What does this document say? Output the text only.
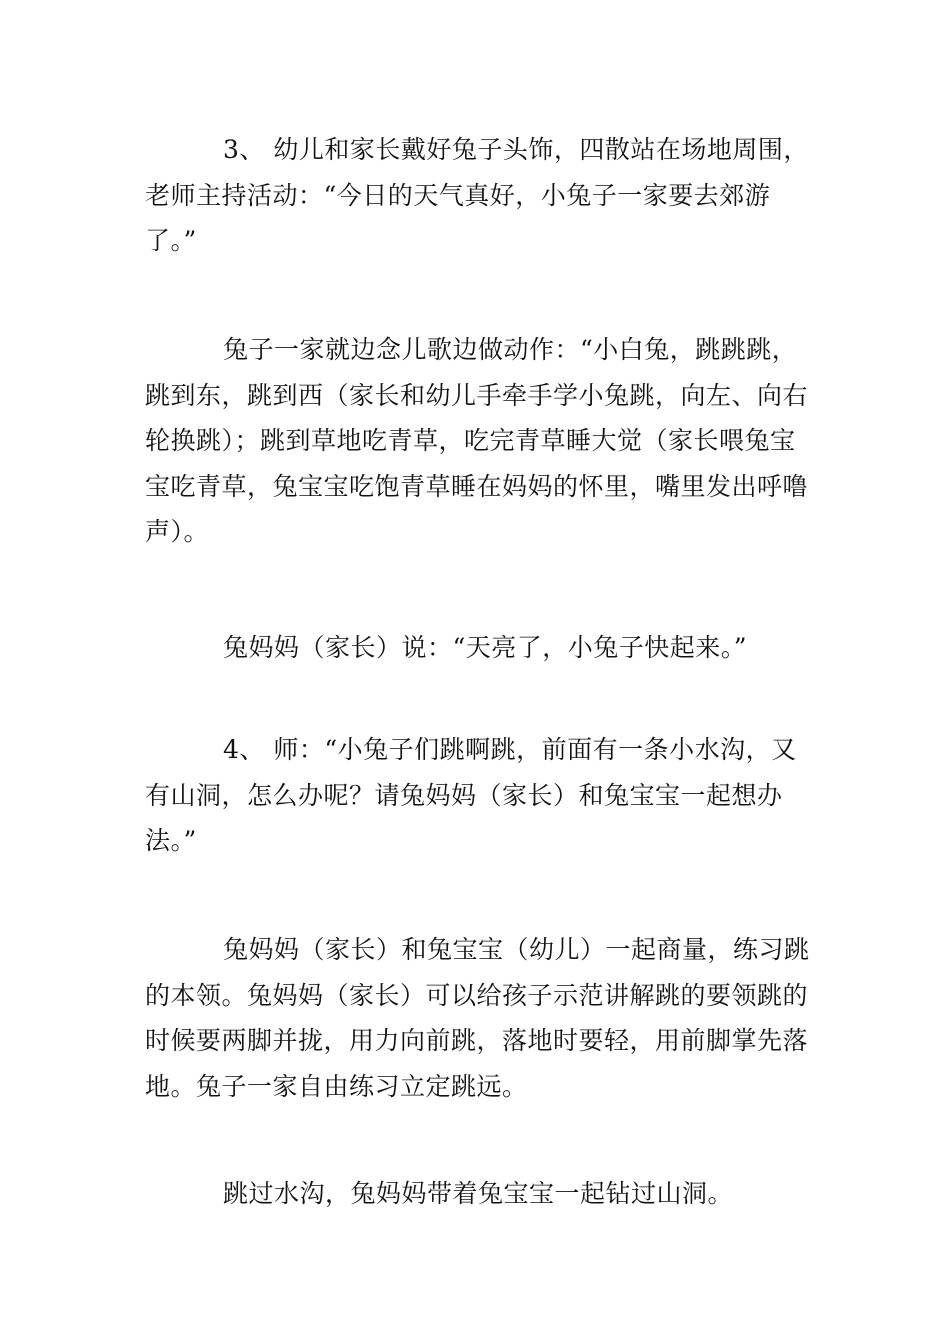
3、 幼儿和家长戴好兔子头饰，四散站在场地周围，老师主持活动：“今日的天气真好，小兔子一家要去郊游了。”

兔子一家就边念儿歌边做动作：“小白兔，跳跳跳，跳到东，跳到西（家长和幼儿手牵手学小兔跳，向左、向右轮换跳）；跳到草地吃青草，吃完青草睡大觉（家长喂兔宝宝吃青草，兔宝宝吃饱青草睡在妈妈的怀里，嘴里发出呼噜声）。

兔妈妈（家长）说：“天亮了，小兔子快起来。”

4、 师：“小兔子们跳啊跳，前面有一条小水沟，又有山洞，怎么办呢？请兔妈妈（家长）和兔宝宝一起想办法。”

兔妈妈（家长）和兔宝宝（幼儿）一起商量，练习跳的本领。兔妈妈（家长）可以给孩子示范讲解跳的要领跳的时候要两脚并拢，用力向前跳，落地时要轻，用前脚掌先落地。兔子一家自由练习立定跳远。

跳过水沟，兔妈妈带着兔宝宝一起钻过山洞。
